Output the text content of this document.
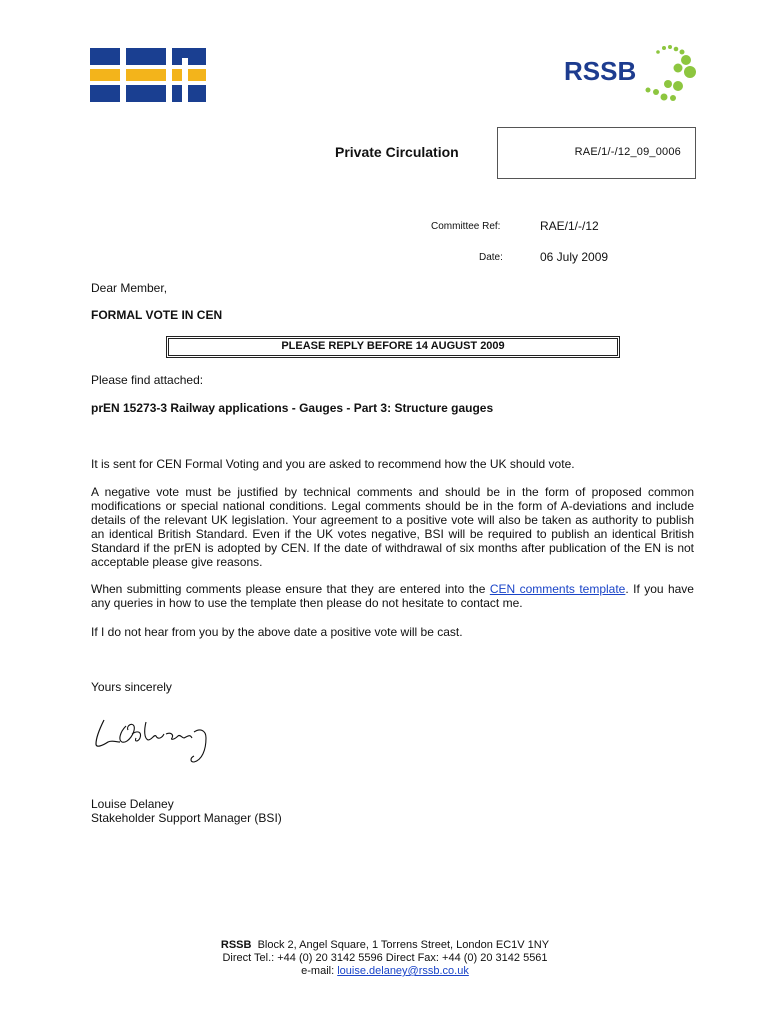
RSSB
Private Circulation	RAE/1/-/12_09_0006
Committee Ref:	RAE/1/-/12
Date:	06 July 2009
Dear Member,
FORMAL VOTE IN CEN
PLEASE REPLY BEFORE 14 AUGUST 2009
Please find attached:
prEN 15273-3 Railway applications - Gauges - Part 3: Structure gauges

It is sent for CEN Formal Voting and you are asked to recommend how the UK should vote.

A negative vote must be justified by technical comments and should be in the form of proposed common modifications or special national conditions. Legal comments should be in the form of A-deviations and include details of the relevant UK legislation. Your agreement to a positive vote will also be taken as authority to publish an identical British Standard. Even if the UK votes negative, BSI will be required to publish an identical British Standard if the prEN is adopted by CEN. If the date of withdrawal of six months after publication of the EN is not acceptable please give reasons.

When submitting comments please ensure that they are entered into the CEN comments template. If you have any queries in how to use the template then please do not hesitate to contact me.

If I do not hear from you by the above date a positive vote will be cast.

Yours sincerely
Louise Delaney
Stakeholder Support Manager (BSI)
RSSB Block 2, Angel Square, 1 Torrens Street, London EC1V 1NY
Direct Tel.: +44 (0) 20 3142 5596 Direct Fax: +44 (0) 20 3142 5561
e-mail: louise.delaney@rssb.co.uk
